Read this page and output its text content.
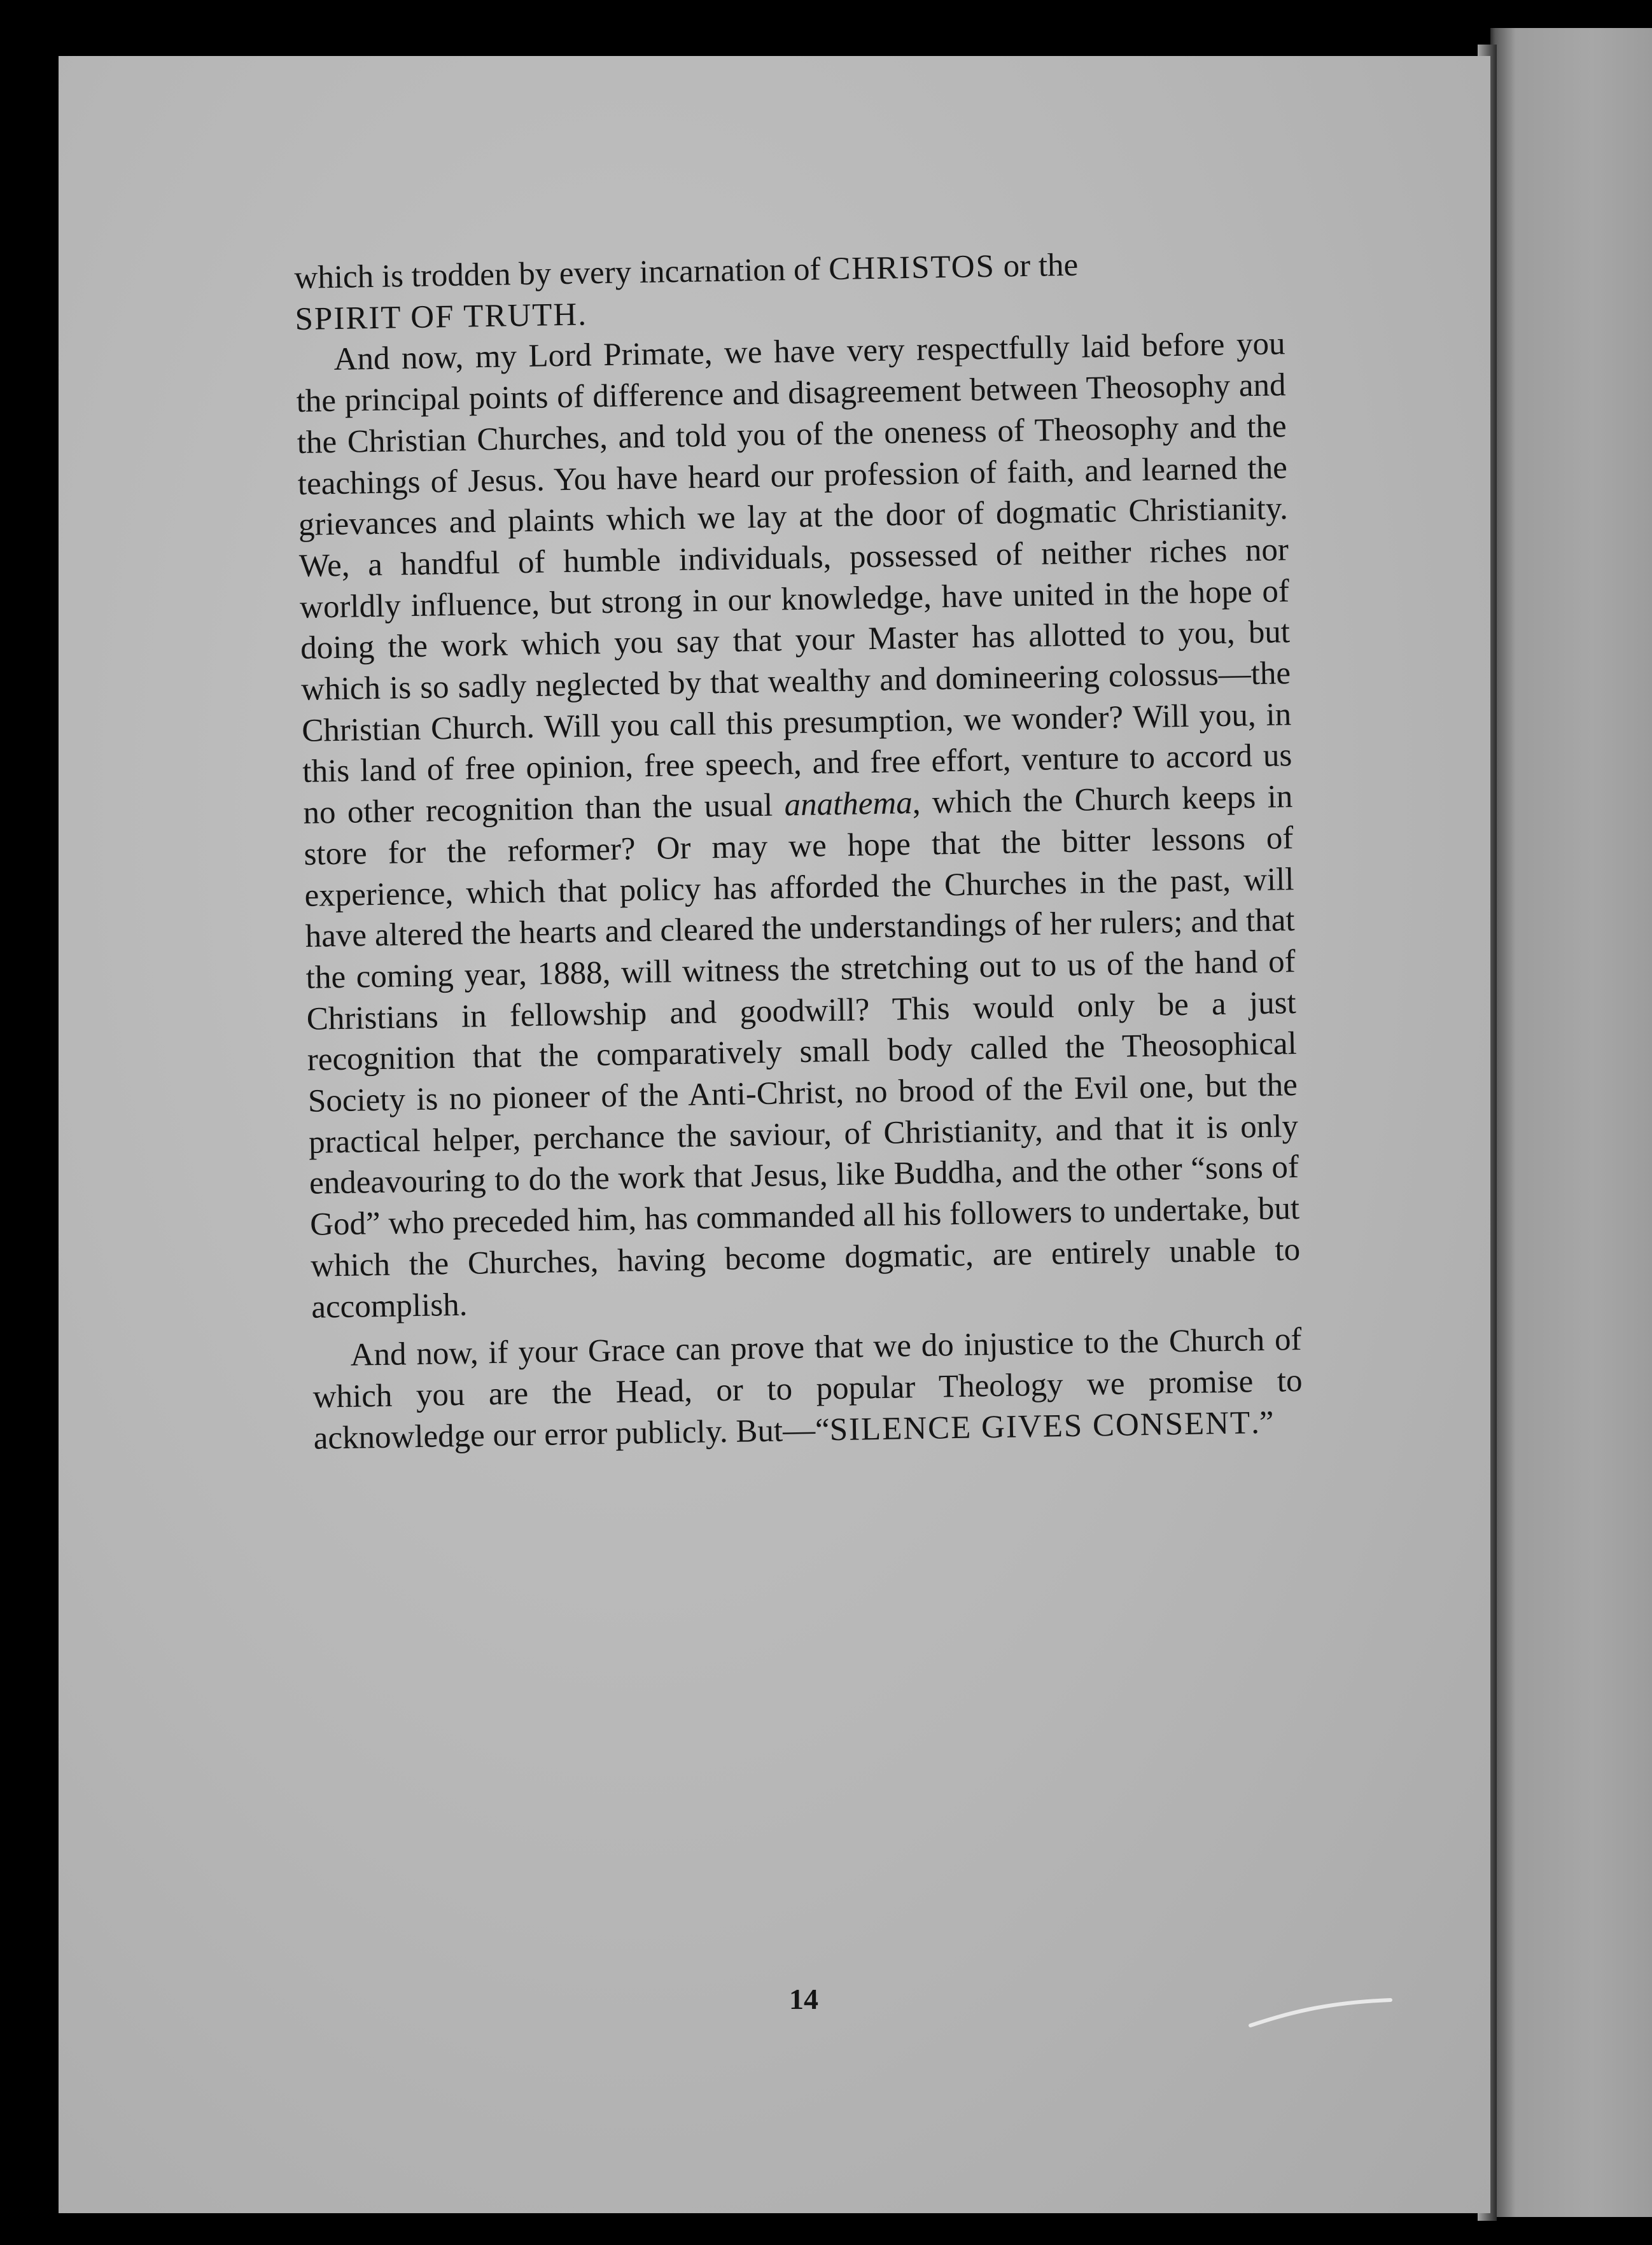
which is trodden by every incarnation of CHRISTOS or the
SPIRIT OF TRUTH.

And now, my Lord Primate, we have very respectfully laid before you the principal points of difference and disagreement between Theosophy and the Christian Churches, and told you of the oneness of Theosophy and the teachings of Jesus. You have heard our profession of faith, and learned the grievances and plaints which we lay at the door of dogmatic Christianity. We, a handful of humble individuals, possessed of neither riches nor worldly influence, but strong in our knowledge, have united in the hope of doing the work which you say that your Master has allotted to you, but which is so sadly neglected by that wealthy and domineering colossus—the Christian Church. Will you call this presumption, we wonder? Will you, in this land of free opinion, free speech, and free effort, venture to accord us no other recognition than the usual anathema, which the Church keeps in store for the reformer? Or may we hope that the bitter lessons of experience, which that policy has afforded the Churches in the past, will have altered the hearts and cleared the understandings of her rulers; and that the coming year, 1888, will witness the stretching out to us of the hand of Christians in fellowship and goodwill? This would only be a just recognition that the comparatively small body called the Theosophical Society is no pioneer of the Anti-Christ, no brood of the Evil one, but the practical helper, perchance the saviour, of Christianity, and that it is only endeavouring to do the work that Jesus, like Buddha, and the other “sons of God” who preceded him, has commanded all his followers to undertake, but which the Churches, having become dogmatic, are entirely unable to accomplish.

And now, if your Grace can prove that we do injustice to the Church of which you are the Head, or to popular Theology we promise to acknowledge our error publicly. But—“SILENCE GIVES CONSENT.”

14
